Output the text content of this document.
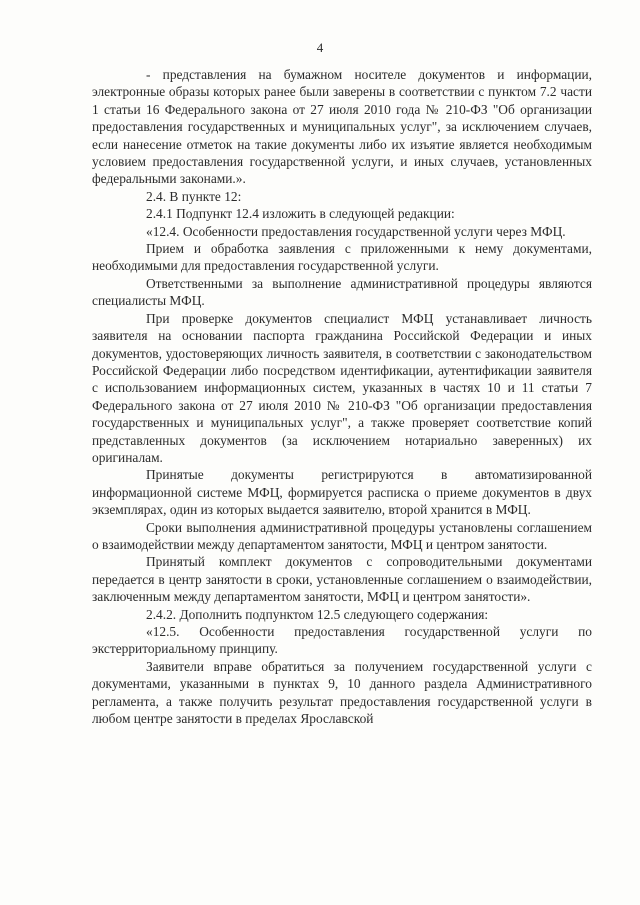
4

- представления на бумажном носителе документов и информации, электронные образы которых ранее были заверены в соответствии с пунктом 7.2 части 1 статьи 16 Федерального закона от 27 июля 2010 года № 210-ФЗ "Об организации предоставления государственных и муниципальных услуг", за исключением случаев, если нанесение отметок на такие документы либо их изъятие является необходимым условием предоставления государственной услуги, и иных случаев, установленных федеральными законами.».

2.4. В пункте 12:

2.4.1 Подпункт 12.4 изложить в следующей редакции:

«12.4. Особенности предоставления государственной услуги через МФЦ.

Прием и обработка заявления с приложенными к нему документами, необходимыми для предоставления государственной услуги.

Ответственными за выполнение административной процедуры являются специалисты МФЦ.

При проверке документов специалист МФЦ устанавливает личность заявителя на основании паспорта гражданина Российской Федерации и иных документов, удостоверяющих личность заявителя, в соответствии с законодательством Российской Федерации либо посредством идентификации, аутентификации заявителя с использованием информационных систем, указанных в частях 10 и 11 статьи 7 Федерального закона от 27 июля 2010 № 210-ФЗ "Об организации предоставления государственных и муниципальных услуг", а также проверяет соответствие копий представленных документов (за исключением нотариально заверенных) их оригиналам.

Принятые документы регистрируются в автоматизированной информационной системе МФЦ, формируется расписка о приеме документов в двух экземплярах, один из которых выдается заявителю, второй хранится в МФЦ.

Сроки выполнения административной процедуры установлены соглашением о взаимодействии между департаментом занятости, МФЦ и центром занятости.

Принятый комплект документов с сопроводительными документами передается в центр занятости в сроки, установленные соглашением о взаимодействии, заключенным между департаментом занятости, МФЦ и центром занятости».

2.4.2. Дополнить подпунктом 12.5 следующего содержания:

«12.5. Особенности предоставления государственной услуги по экстерриториальному принципу.

Заявители вправе обратиться за получением государственной услуги с документами, указанными в пунктах 9, 10 данного раздела Административного регламента, а также получить результат предоставления государственной услуги в любом центре занятости в пределах Ярославской
